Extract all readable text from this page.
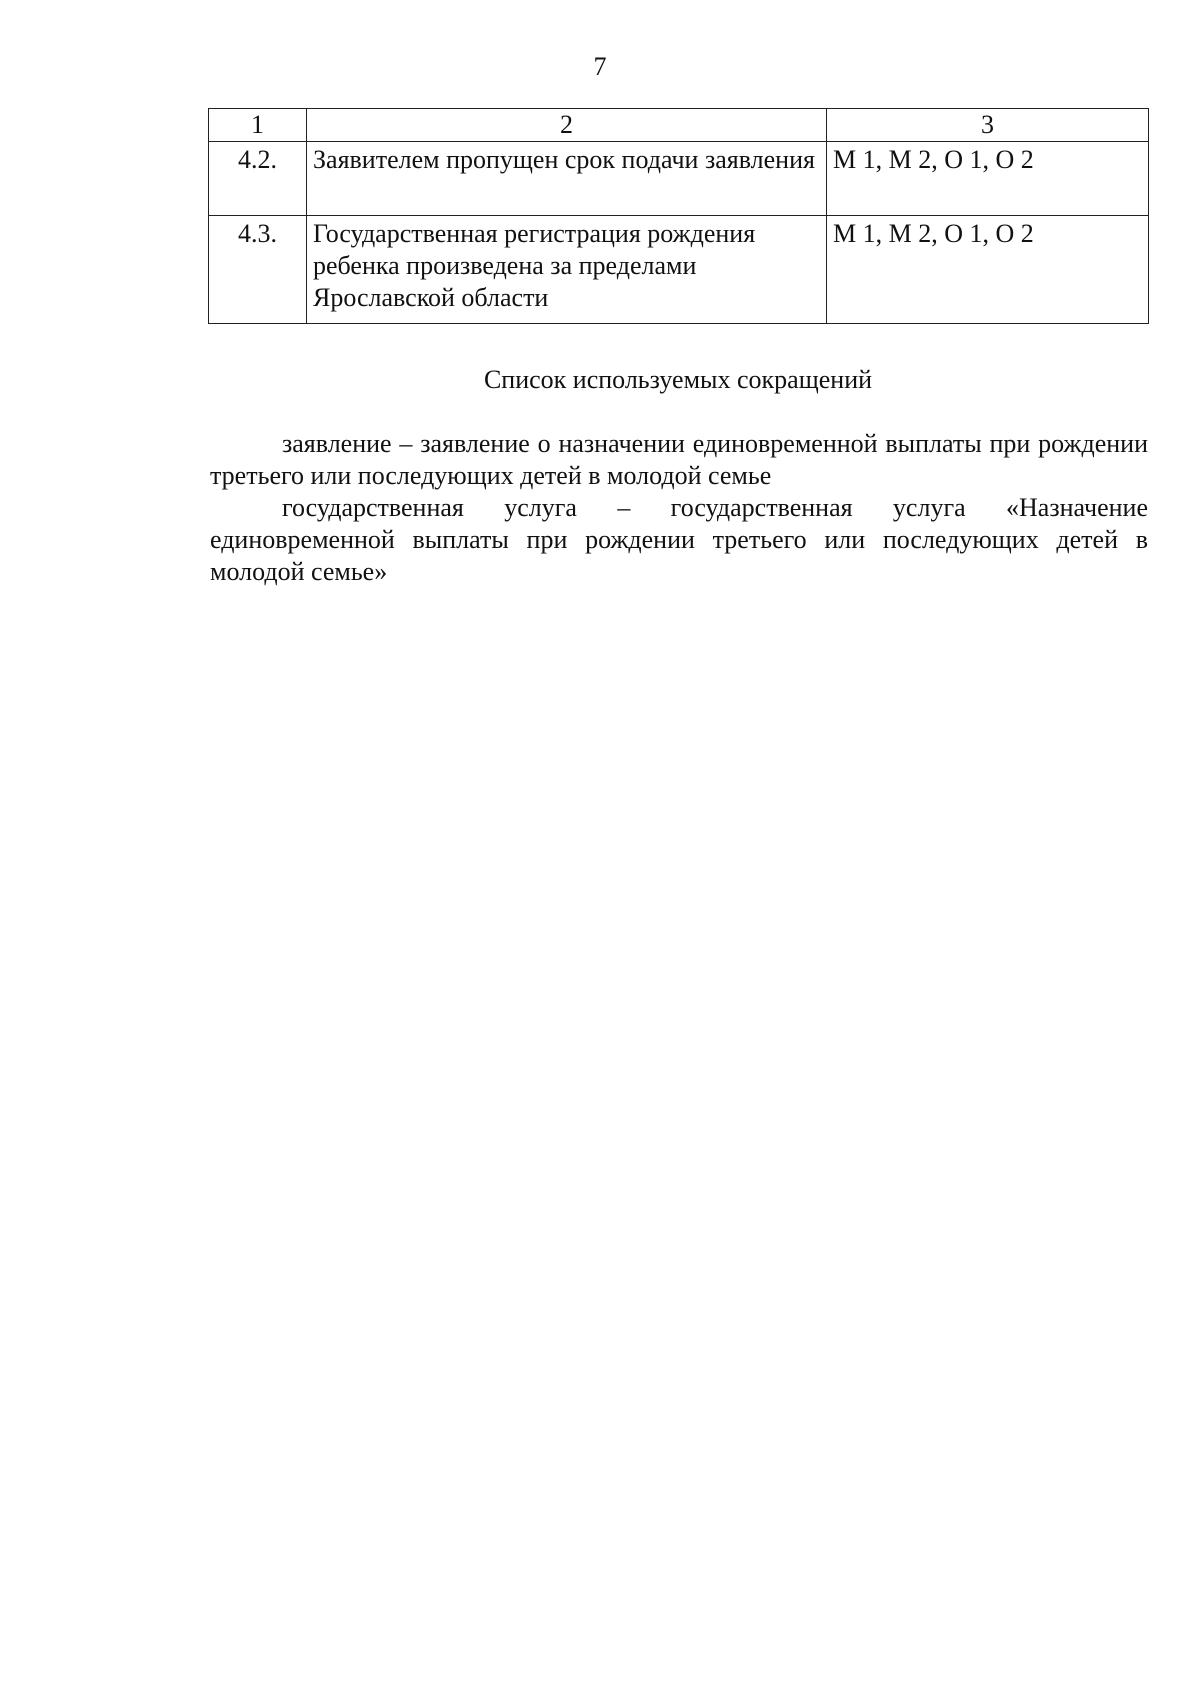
7
1	2	3
4.2.	Заявителем пропущен срок подачи заявления	М 1, М 2, О 1, О 2
4.3.	Государственная регистрация рождения ребенка произведена за пределами Ярославской области	М 1, М 2, О 1, О 2
Список используемых сокращений

заявление – заявление о назначении единовременной выплаты при рождении третьего или последующих детей в молодой семье

государственная услуга – государственная услуга «Назначение единовременной выплаты при рождении третьего или последующих детей в молодой семье»
